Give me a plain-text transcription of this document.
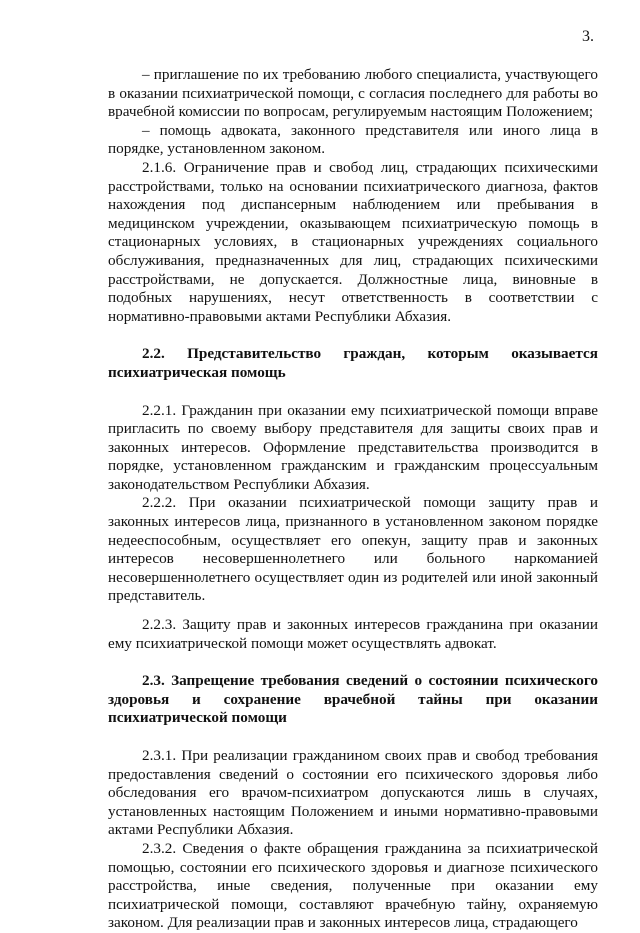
3.

– приглашение по их требованию любого специалиста, участвующего в оказании психиатрической помощи, с согласия последнего для работы во врачебной комиссии по вопросам, регулируемым настоящим Положением;

– помощь адвоката, законного представителя или иного лица в порядке, установленном законом.

2.1.6. Ограничение прав и свобод лиц, страдающих психическими расстройствами, только на основании психиатрического диагноза, фактов нахождения под диспансерным наблюдением или пребывания в медицинском учреждении, оказывающем психиатрическую помощь в стационарных условиях, в стационарных учреждениях социального обслуживания, предназначенных для лиц, страдающих психическими расстройствами, не допускается. Должностные лица, виновные в подобных нарушениях, несут ответственность в соответствии с нормативно-правовыми актами Республики Абхазия.

2.2. Представительство граждан, которым оказывается психиатрическая помощь

2.2.1. Гражданин при оказании ему психиатрической помощи вправе пригласить по своему выбору представителя для защиты своих прав и законных интересов. Оформление представительства производится в порядке, установленном гражданским и гражданским процессуальным законодательством Республики Абхазия.

2.2.2. При оказании психиатрической помощи защиту прав и законных интересов лица, признанного в установленном законом порядке недееспособным, осуществляет его опекун, защиту прав и законных интересов несовершеннолетнего или больного наркоманией несовершеннолетнего осуществляет один из родителей или иной законный представитель.

2.2.3. Защиту прав и законных интересов гражданина при оказании ему психиатрической помощи может осуществлять адвокат.

2.3. Запрещение требования сведений о состоянии психического здоровья и сохранение врачебной тайны при оказании психиатрической помощи

2.3.1. При реализации гражданином своих прав и свобод требования предоставления сведений о состоянии его психического здоровья либо обследования его врачом-психиатром допускаются лишь в случаях, установленных настоящим Положением и иными нормативно-правовыми актами Республики Абхазия.

2.3.2. Сведения о факте обращения гражданина за психиатрической помощью, состоянии его психического здоровья и диагнозе психического расстройства, иные сведения, полученные при оказании ему психиатрической помощи, составляют врачебную тайну, охраняемую законом. Для реализации прав и законных интересов лица, страдающего
